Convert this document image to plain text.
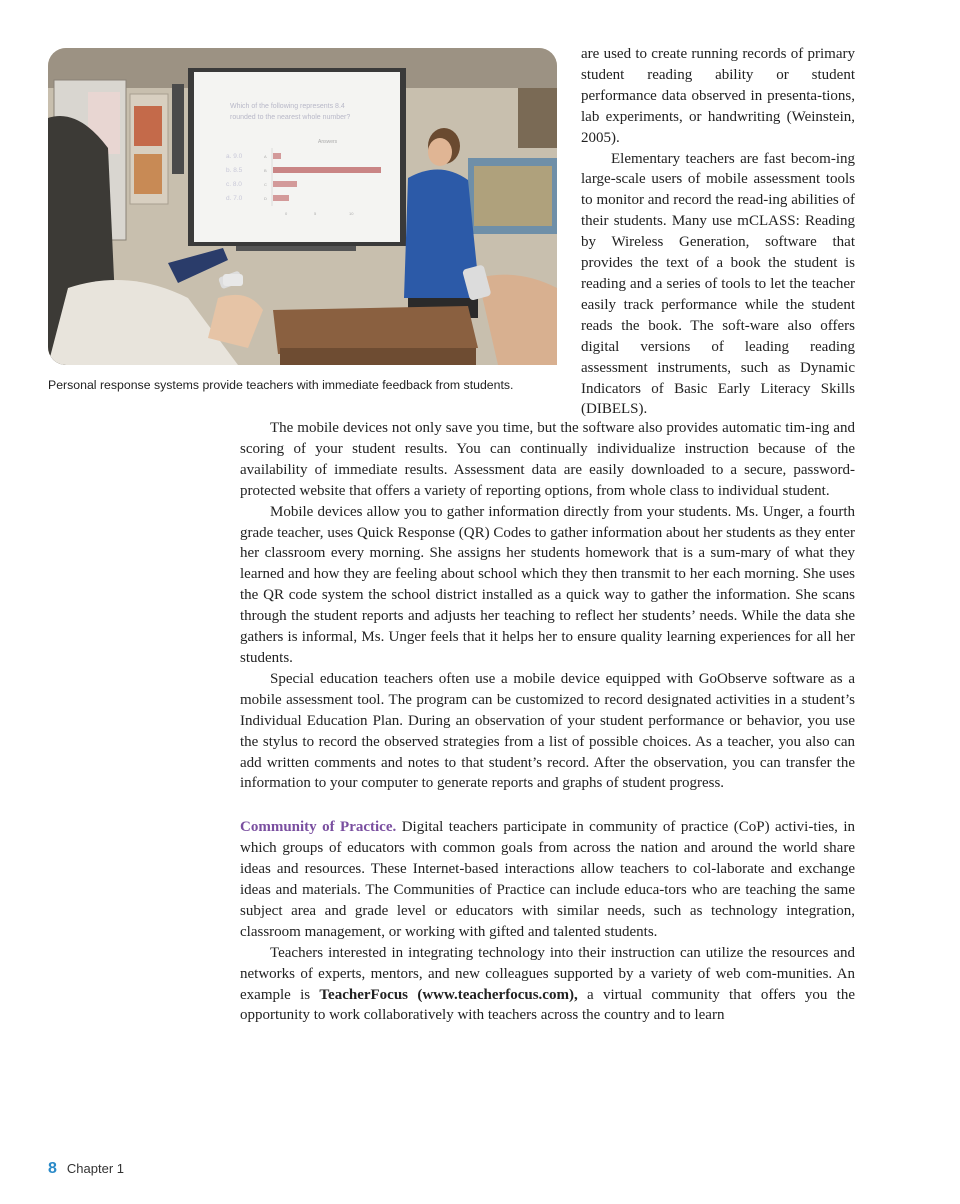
Which of the following represents 8.4
rounded to the nearest whole number?
Answers
a. 9.0
b. 8.5
c. 8.0
d. 7.0
A
B
C
D
0	5	10
Personal response systems provide teachers with immediate feedback from students.

are used to create running records of primary student reading ability or student performance data observed in presenta-tions, lab experiments, or handwriting (Weinstein, 2005).

Elementary teachers are fast becom-ing large-scale users of mobile assessment tools to monitor and record the read-ing abilities of their students. Many use mCLASS: Reading by Wireless Generation, software that provides the text of a book the student is reading and a series of tools to let the teacher easily track performance while the student reads the book. The soft-ware also offers digital versions of leading reading assessment instruments, such as Dynamic Indicators of Basic Early Literacy Skills (DIBELS).

The mobile devices not only save you time, but the software also provides automatic tim-ing and scoring of your student results. You can continually individualize instruction because of the availability of immediate results. Assessment data are easily downloaded to a secure, password-protected website that offers a variety of reporting options, from whole class to individual student.

Mobile devices allow you to gather information directly from your students. Ms. Unger, a fourth grade teacher, uses Quick Response (QR) Codes to gather information about her students as they enter her classroom every morning. She assigns her students homework that is a sum-mary of what they learned and how they are feeling about school which they then transmit to her each morning. She uses the QR code system the school district installed as a quick way to gather the information. She scans through the student reports and adjusts her teaching to reflect her students’ needs. While the data she gathers is informal, Ms. Unger feels that it helps her to ensure quality learning experiences for all her students.

Special education teachers often use a mobile device equipped with GoObserve software as a mobile assessment tool. The program can be customized to record designated activities in a student’s Individual Education Plan. During an observation of your student performance or behavior, you use the stylus to record the observed strategies from a list of possible choices. As a teacher, you also can add written comments and notes to that student’s record. After the observation, you can transfer the information to your computer to generate reports and graphs of student progress.

Community of Practice. Digital teachers participate in community of practice (CoP) activi-ties, in which groups of educators with common goals from across the nation and around the world share ideas and resources. These Internet-based interactions allow teachers to col-laborate and exchange ideas and materials. The Communities of Practice can include educa-tors who are teaching the same subject area and grade level or educators with similar needs, such as technology integration, classroom management, or working with gifted and talented students.

Teachers interested in integrating technology into their instruction can utilize the resources and networks of experts, mentors, and new colleagues supported by a variety of web com-munities. An example is TeacherFocus (www.teacherfocus.com), a virtual community that offers you the opportunity to work collaboratively with teachers across the country and to learn

8 Chapter 1
